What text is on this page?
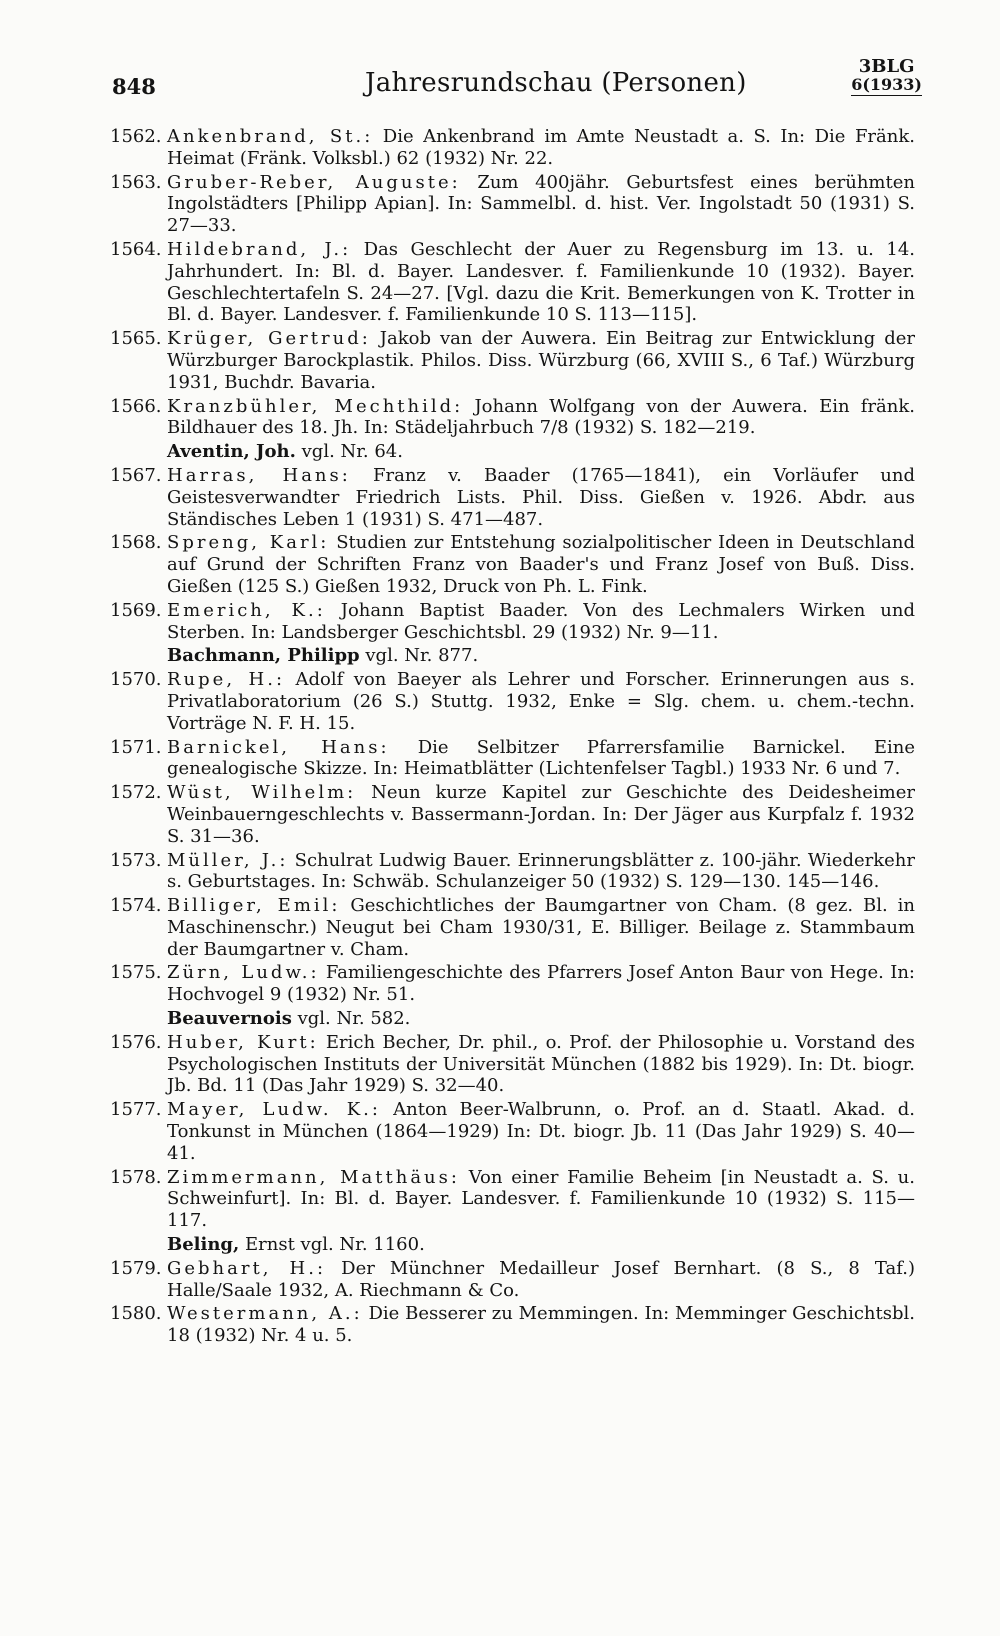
848	Jahresrundschau (Personen)
3BLG
6(1933)
1562. Ankenbrand, St.: Die Ankenbrand im Amte Neustadt a. S. In: Die Fränk. Heimat (Fränk. Volksbl.) 62 (1932) Nr. 22.
1563. Gruber-Reber, Auguste: Zum 400jähr. Geburtsfest eines berühmten Ingolstädters [Philipp Apian]. In: Sammelbl. d. hist. Ver. Ingolstadt 50 (1931) S. 27—33.
1564. Hildebrand, J.: Das Geschlecht der Auer zu Regensburg im 13. u. 14. Jahrhundert. In: Bl. d. Bayer. Landesver. f. Familienkunde 10 (1932). Bayer. Geschlechtertafeln S. 24—27. [Vgl. dazu die Krit. Bemerkungen von K. Trotter in Bl. d. Bayer. Landesver. f. Familienkunde 10 S. 113—115].
1565. Krüger, Gertrud: Jakob van der Auwera. Ein Beitrag zur Entwicklung der Würzburger Barockplastik. Philos. Diss. Würzburg (66, XVIII S., 6 Taf.) Würzburg 1931, Buchdr. Bavaria.
1566. Kranzbühler, Mechthild: Johann Wolfgang von der Auwera. Ein fränk. Bildhauer des 18. Jh. In: Städeljahrbuch 7/8 (1932) S. 182—219.
Aventin, Joh. vgl. Nr. 64.
1567. Harras, Hans: Franz v. Baader (1765—1841), ein Vorläufer und Geistesverwandter Friedrich Lists. Phil. Diss. Gießen v. 1926. Abdr. aus Ständisches Leben 1 (1931) S. 471—487.
1568. Spreng, Karl: Studien zur Entstehung sozialpolitischer Ideen in Deutschland auf Grund der Schriften Franz von Baader's und Franz Josef von Buß. Diss. Gießen (125 S.) Gießen 1932, Druck von Ph. L. Fink.
1569. Emerich, K.: Johann Baptist Baader. Von des Lechmalers Wirken und Sterben. In: Landsberger Geschichtsbl. 29 (1932) Nr. 9—11.
Bachmann, Philipp vgl. Nr. 877.
1570. Rupe, H.: Adolf von Baeyer als Lehrer und Forscher. Erinnerungen aus s. Privatlaboratorium (26 S.) Stuttg. 1932, Enke = Slg. chem. u. chem.-techn. Vorträge N. F. H. 15.
1571. Barnickel, Hans: Die Selbitzer Pfarrersfamilie Barnickel. Eine genealogische Skizze. In: Heimatblätter (Lichtenfelser Tagbl.) 1933 Nr. 6 und 7.
1572. Wüst, Wilhelm: Neun kurze Kapitel zur Geschichte des Deidesheimer Weinbauerngeschlechts v. Bassermann-Jordan. In: Der Jäger aus Kurpfalz f. 1932 S. 31—36.
1573. Müller, J.: Schulrat Ludwig Bauer. Erinnerungsblätter z. 100-jähr. Wiederkehr s. Geburtstages. In: Schwäb. Schulanzeiger 50 (1932) S. 129—130. 145—146.
1574. Billiger, Emil: Geschichtliches der Baumgartner von Cham. (8 gez. Bl. in Maschinenschr.) Neugut bei Cham 1930/31, E. Billiger. Beilage z. Stammbaum der Baumgartner v. Cham.
1575. Zürn, Ludw.: Familiengeschichte des Pfarrers Josef Anton Baur von Hege. In: Hochvogel 9 (1932) Nr. 51.
Beauvernois vgl. Nr. 582.
1576. Huber, Kurt: Erich Becher, Dr. phil., o. Prof. der Philosophie u. Vorstand des Psychologischen Instituts der Universität München (1882 bis 1929). In: Dt. biogr. Jb. Bd. 11 (Das Jahr 1929) S. 32—40.
1577. Mayer, Ludw. K.: Anton Beer-Walbrunn, o. Prof. an d. Staatl. Akad. d. Tonkunst in München (1864—1929) In: Dt. biogr. Jb. 11 (Das Jahr 1929) S. 40—41.
1578. Zimmermann, Matthäus: Von einer Familie Beheim [in Neustadt a. S. u. Schweinfurt]. In: Bl. d. Bayer. Landesver. f. Familienkunde 10 (1932) S. 115—117.
Beling, Ernst vgl. Nr. 1160.
1579. Gebhart, H.: Der Münchner Medailleur Josef Bernhart. (8 S., 8 Taf.) Halle/Saale 1932, A. Riechmann & Co.
1580. Westermann, A.: Die Besserer zu Memmingen. In: Memminger Geschichtsbl. 18 (1932) Nr. 4 u. 5.
